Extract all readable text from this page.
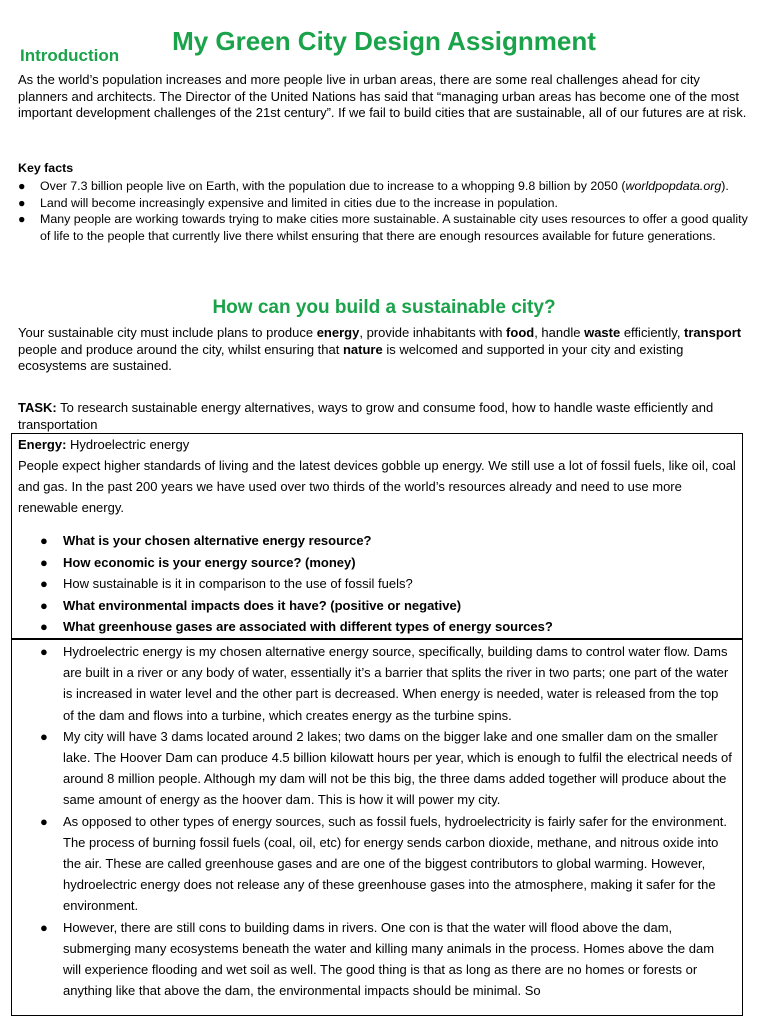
My Green City Design Assignment
Introduction
As the world’s population increases and more people live in urban areas, there are some real challenges ahead for city planners and architects. The Director of the United Nations has said that “managing urban areas has become one of the most important development challenges of the 21st century”. If we fail to build cities that are sustainable, all of our futures are at risk.
Key facts
● Over 7.3 billion people live on Earth, with the population due to increase to a whopping 9.8 billion by 2050 (worldpopdata.org).
● Land will become increasingly expensive and limited in cities due to the increase in population.
● Many people are working towards trying to make cities more sustainable. A sustainable city uses resources to offer a good quality of life to the people that currently live there whilst ensuring that there are enough resources available for future generations.
How can you build a sustainable city?
Your sustainable city must include plans to produce energy, provide inhabitants with food, handle waste efficiently, transport people and produce around the city, whilst ensuring that nature is welcomed and supported in your city and existing ecosystems are sustained.
TASK: To research sustainable energy alternatives, ways to grow and consume food, how to handle waste efficiently and transportation
Energy: Hydroelectric energy
People expect higher standards of living and the latest devices gobble up energy. We still use a lot of fossil fuels, like oil, coal and gas. In the past 200 years we have used over two thirds of the world’s resources already and need to use more renewable energy.
● What is your chosen alternative energy resource?
● How economic is your energy source? (money)
● How sustainable is it in comparison to the use of fossil fuels?
● What environmental impacts does it have? (positive or negative)
● What greenhouse gases are associated with different types of energy sources?
● Hydroelectric energy is my chosen alternative energy source, specifically, building dams to control water flow. Dams are built in a river or any body of water, essentially it’s a barrier that splits the river in two parts; one part of the water is increased in water level and the other part is decreased. When energy is needed, water is released from the top of the dam and flows into a turbine, which creates energy as the turbine spins.
● My city will have 3 dams located around 2 lakes; two dams on the bigger lake and one smaller dam on the smaller lake. The Hoover Dam can produce 4.5 billion kilowatt hours per year, which is enough to fulfil the electrical needs of around 8 million people. Although my dam will not be this big, the three dams added together will produce about the same amount of energy as the hoover dam. This is how it will power my city.
● As opposed to other types of energy sources, such as fossil fuels, hydroelectricity is fairly safer for the environment. The process of burning fossil fuels (coal, oil, etc) for energy sends carbon dioxide, methane, and nitrous oxide into the air. These are called greenhouse gases and are one of the biggest contributors to global warming. However, hydroelectric energy does not release any of these greenhouse gases into the atmosphere, making it safer for the environment.
● However, there are still cons to building dams in rivers. One con is that the water will flood above the dam, submerging many ecosystems beneath the water and killing many animals in the process. Homes above the dam will experience flooding and wet soil as well. The good thing is that as long as there are no homes or forests or anything like that above the dam, the environmental impacts should be minimal. So
